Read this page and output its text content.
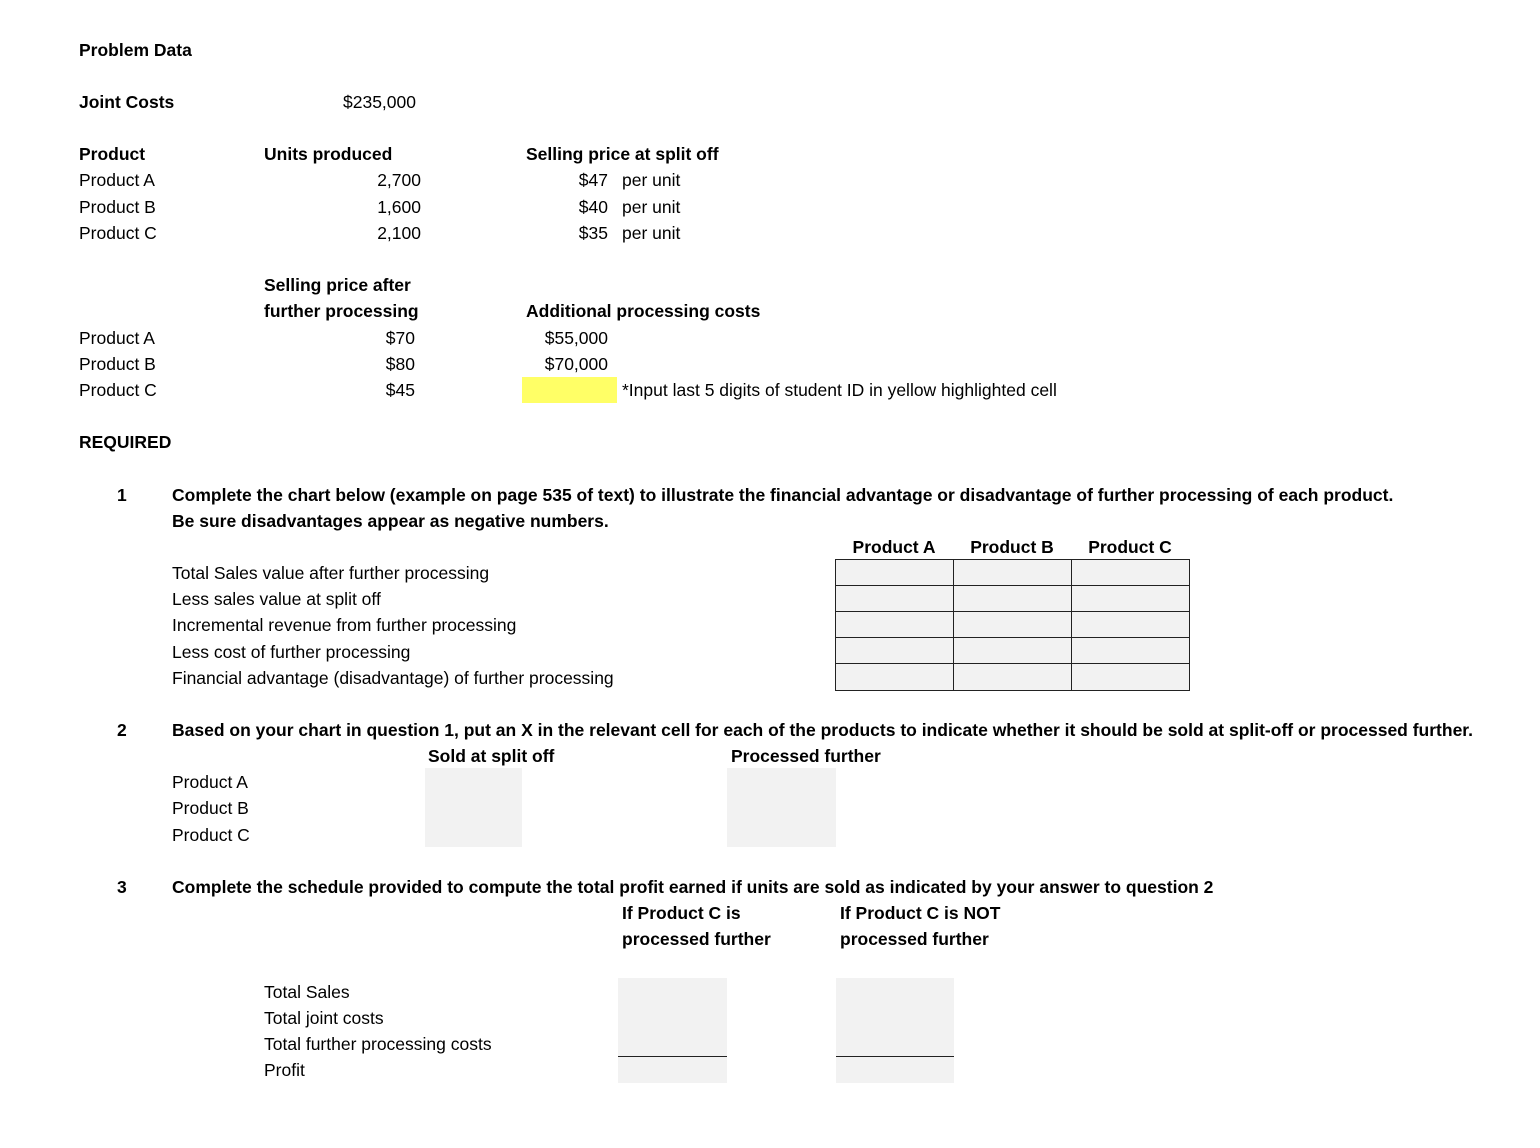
Problem Data
Joint Costs	$235,000
Product	Units produced	Selling price at split off
Product A	2,700	$47 per unit
Product B	1,600	$40 per unit
Product C	2,100	$35 per unit
Selling price after
further processing	Additional processing costs
Product A	$70	$55,000
Product B	$80	$70,000
Product C	$45	*Input last 5 digits of student ID in yellow highlighted cell
REQUIRED
1	Complete the chart below (example on page 535 of text) to illustrate the financial advantage or disadvantage of further processing of each product.
Be sure disadvantages appear as negative numbers.
Product A	Product B	Product C
Total Sales value after further processing
Less sales value at split off
Incremental revenue from further processing
Less cost of further processing
Financial advantage (disadvantage) of further processing
2	Based on your chart in question 1, put an X in the relevant cell for each of the products to indicate whether it should be sold at split-off or processed further.
Sold at split off	Processed further
Product A
Product B
Product C
3	Complete the schedule provided to compute the total profit earned if units are sold as indicated by your answer to question 2
If Product C is
processed further
If Product C is NOT
processed further
Total Sales
Total joint costs
Total further processing costs
Profit
